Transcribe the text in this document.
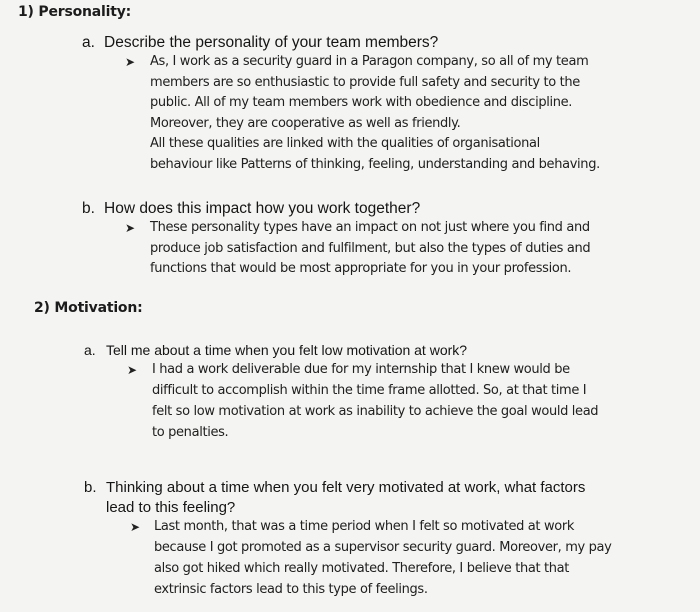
1) Personality:
a. Describe the personality of your team members?
➤ As, I work as a security guard in a Paragon company, so all of my team
members are so enthusiastic to provide full safety and security to the
public. All of my team members work with obedience and discipline.
Moreover, they are cooperative as well as friendly.
All these qualities are linked with the qualities of organisational
behaviour like Patterns of thinking, feeling, understanding and behaving.
b. How does this impact how you work together?
➤ These personality types have an impact on not just where you find and
produce job satisfaction and fulfilment, but also the types of duties and
functions that would be most appropriate for you in your profession.
2) Motivation:
a. Tell me about a time when you felt low motivation at work?
➤ I had a work deliverable due for my internship that I knew would be
difficult to accomplish within the time frame allotted. So, at that time I
felt so low motivation at work as inability to achieve the goal would lead
to penalties.
b. Thinking about a time when you felt very motivated at work, what factors
lead to this feeling?
➤ Last month, that was a time period when I felt so motivated at work
because I got promoted as a supervisor security guard. Moreover, my pay
also got hiked which really motivated. Therefore, I believe that that
extrinsic factors lead to this type of feelings.
